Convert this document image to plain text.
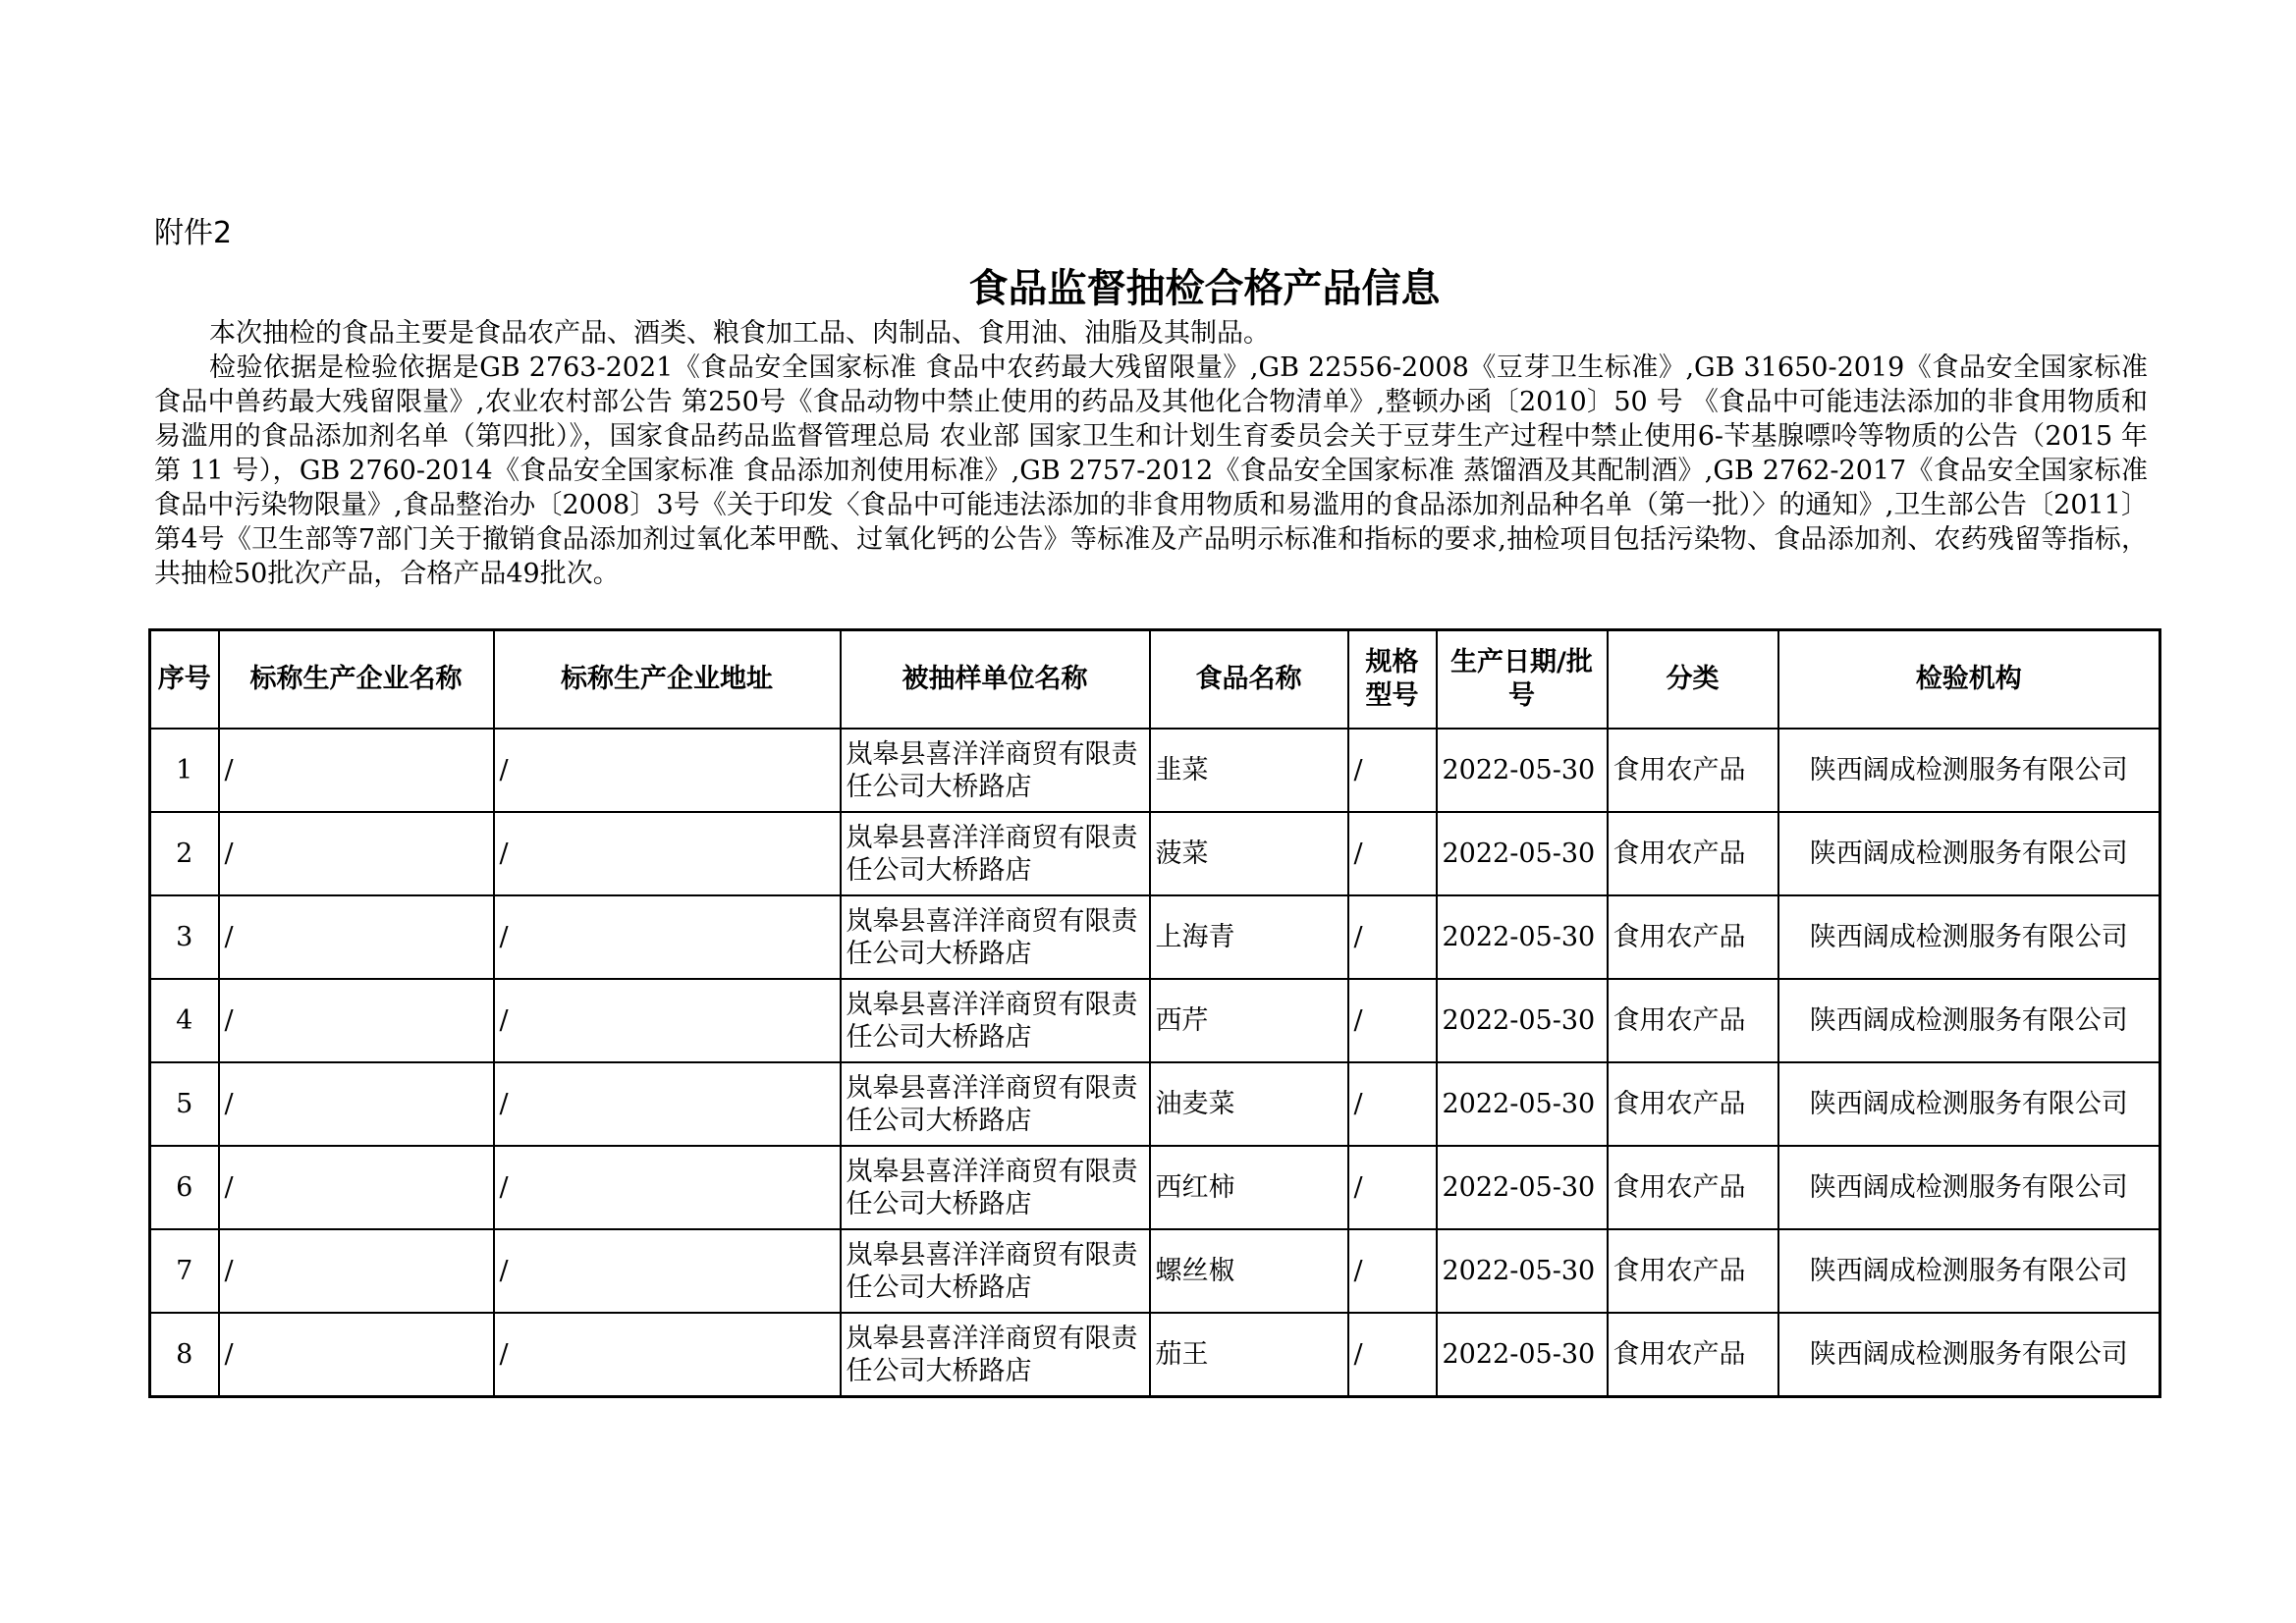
附件2
食品监督抽检合格产品信息

本次抽检的食品主要是食品农产品、酒类、粮食加工品、肉制品、食用油、油脂及其制品。

检验依据是检验依据是GB 2763-2021《食品安全国家标准 食品中农药最大残留限量》,GB 22556-2008《豆芽卫生标准》,GB 31650-2019《食品安全国家标准 食品中兽药最大残留限量》,农业农村部公告 第250号《食品动物中禁止使用的药品及其他化合物清单》,整顿办函〔2010〕50 号 《食品中可能违法添加的非食用物质和易滥用的食品添加剂名单（第四批）》，国家食品药品监督管理总局 农业部 国家卫生和计划生育委员会关于豆芽生产过程中禁止使用6-苄基腺嘌呤等物质的公告（2015 年第 11 号），GB 2760-2014《食品安全国家标准 食品添加剂使用标准》,GB 2757-2012《食品安全国家标准 蒸馏酒及其配制酒》,GB 2762-2017《食品安全国家标准 食品中污染物限量》,食品整治办〔2008〕3号《关于印发〈食品中可能违法添加的非食用物质和易滥用的食品添加剂品种名单（第一批）〉的通知》,卫生部公告〔2011〕第4号《卫生部等7部门关于撤销食品添加剂过氧化苯甲酰、过氧化钙的公告》等标准及产品明示标准和指标的要求,抽检项目包括污染物、食品添加剂、农药残留等指标，共抽检50批次产品，合格产品49批次。

序号	标称生产企业名称	标称生产企业地址	被抽样单位名称	食品名称	规格型号	生产日期/批号	分类	检验机构
1	/	/	岚皋县喜洋洋商贸有限责任公司大桥路店	韭菜	/	2022-05-30	食用农产品	陕西阔成检测服务有限公司
2	/	/	岚皋县喜洋洋商贸有限责任公司大桥路店	菠菜	/	2022-05-30	食用农产品	陕西阔成检测服务有限公司
3	/	/	岚皋县喜洋洋商贸有限责任公司大桥路店	上海青	/	2022-05-30	食用农产品	陕西阔成检测服务有限公司
4	/	/	岚皋县喜洋洋商贸有限责任公司大桥路店	西芹	/	2022-05-30	食用农产品	陕西阔成检测服务有限公司
5	/	/	岚皋县喜洋洋商贸有限责任公司大桥路店	油麦菜	/	2022-05-30	食用农产品	陕西阔成检测服务有限公司
6	/	/	岚皋县喜洋洋商贸有限责任公司大桥路店	西红柿	/	2022-05-30	食用农产品	陕西阔成检测服务有限公司
7	/	/	岚皋县喜洋洋商贸有限责任公司大桥路店	螺丝椒	/	2022-05-30	食用农产品	陕西阔成检测服务有限公司
8	/	/	岚皋县喜洋洋商贸有限责任公司大桥路店	茄王	/	2022-05-30	食用农产品	陕西阔成检测服务有限公司
